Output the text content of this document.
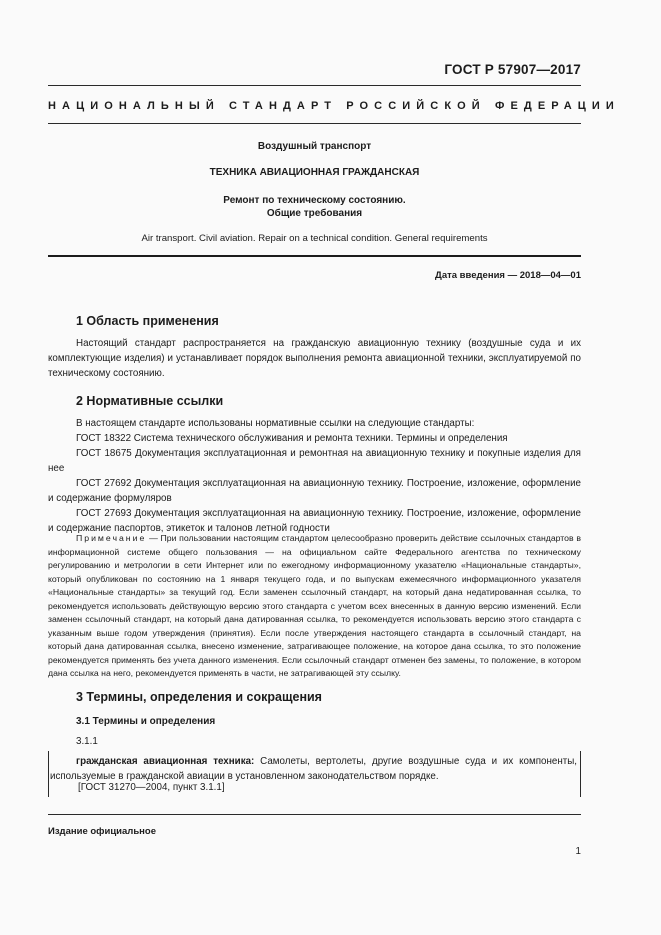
ГОСТ Р 57907—2017
НАЦИОНАЛЬНЫЙ СТАНДАРТ РОССИЙСКОЙ ФЕДЕРАЦИИ
Воздушный транспорт
ТЕХНИКА АВИАЦИОННАЯ ГРАЖДАНСКАЯ
Ремонт по техническому состоянию.
Общие требования
Air transport. Civil aviation. Repair on a technical condition. General requirements
Дата введения — 2018—04—01
1 Область применения

Настоящий стандарт распространяется на гражданскую авиационную технику (воздушные суда и их комплектующие изделия) и устанавливает порядок выполнения ремонта авиационной техники, эксплуатируемой по техническому состоянию.

2 Нормативные ссылки

В настоящем стандарте использованы нормативные ссылки на следующие стандарты:

ГОСТ 18322 Система технического обслуживания и ремонта техники. Термины и определения

ГОСТ 18675 Документация эксплуатационная и ремонтная на авиационную технику и покупные изделия для нее

ГОСТ 27692 Документация эксплуатационная на авиационную технику. Построение, изложение, оформление и содержание формуляров

ГОСТ 27693 Документация эксплуатационная на авиационную технику. Построение, изложение, оформление и содержание паспортов, этикеток и талонов летной годности

Примечание — При пользовании настоящим стандартом целесообразно проверить действие ссылочных стандартов в информационной системе общего пользования — на официальном сайте Федерального агентства по техническому регулированию и метрологии в сети Интернет или по ежегодному информационному указателю «Национальные стандарты», который опубликован по состоянию на 1 января текущего года, и по выпускам ежемесячного информационного указателя «Национальные стандарты» за текущий год. Если заменен ссылочный стандарт, на который дана недатированная ссылка, то рекомендуется использовать действующую версию этого стандарта с учетом всех внесенных в данную версию изменений. Если заменен ссылочный стандарт, на который дана датированная ссылка, то рекомендуется использовать версию этого стандарта с указанным выше годом утверждения (принятия). Если после утверждения настоящего стандарта в ссылочный стандарт, на который дана датированная ссылка, внесено изменение, затрагивающее положение, на которое дана ссылка, то это положение рекомендуется применять без учета данного изменения. Если ссылочный стандарт отменен без замены, то положение, в котором дана ссылка на него, рекомендуется применять в части, не затрагивающей эту ссылку.

3 Термины, определения и сокращения
3.1 Термины и определения
3.1.1

гражданская авиационная техника: Самолеты, вертолеты, другие воздушные суда и их компоненты, используемые в гражданской авиации в установленном законодательством порядке.

[ГОСТ 31270—2004, пункт 3.1.1]
Издание официальное
1
